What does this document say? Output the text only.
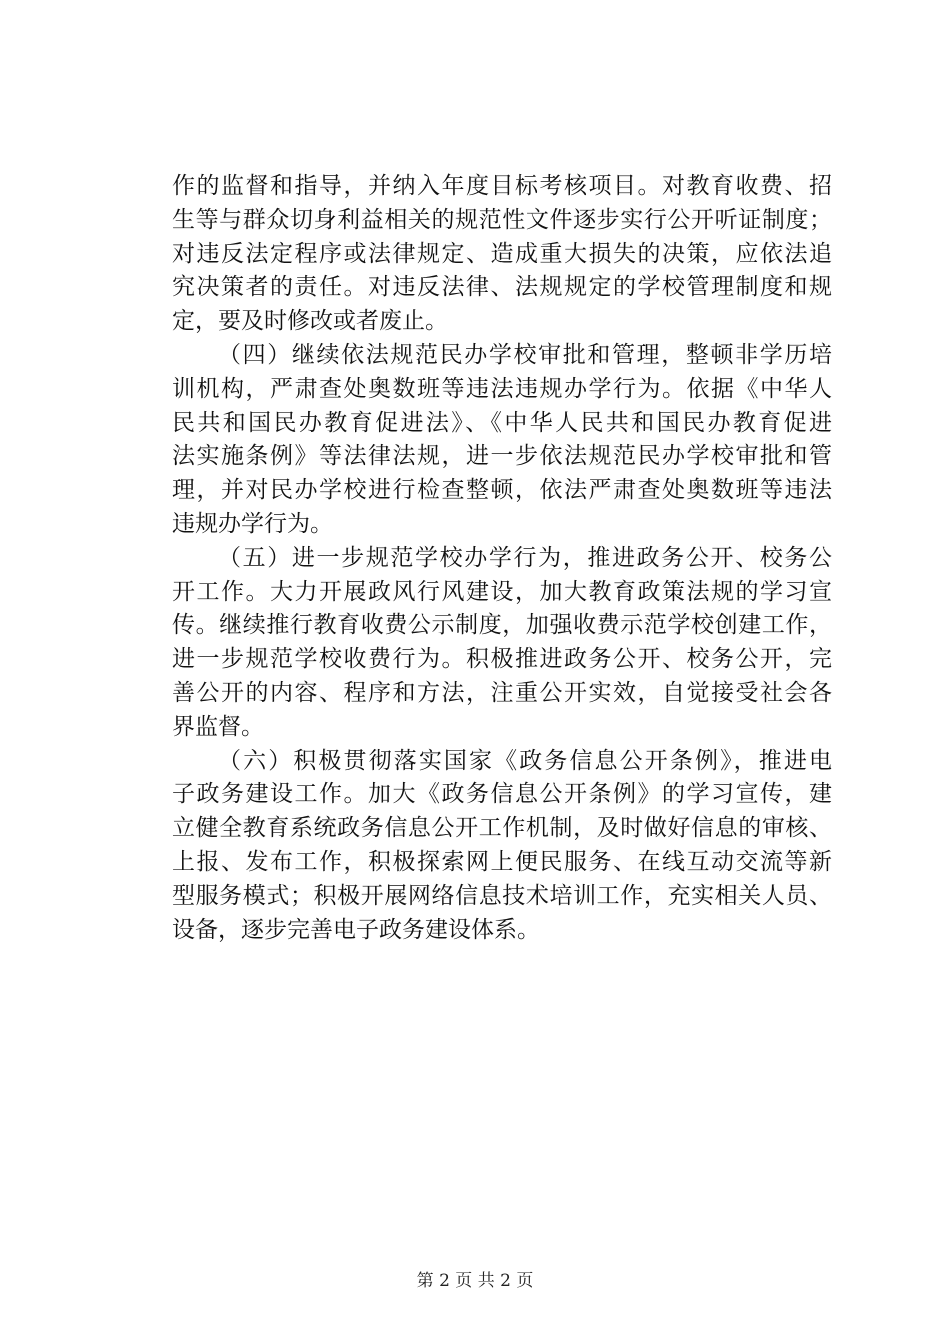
作的监督和指导，并纳入年度目标考核项目。对教育收费、招
生等与群众切身利益相关的规范性文件逐步实行公开听证制度；
对违反法定程序或法律规定、造成重大损失的决策，应依法追
究决策者的责任。对违反法律、法规规定的学校管理制度和规
定，要及时修改或者废止。
（四）继续依法规范民办学校审批和管理，整顿非学历培
训机构，严肃查处奥数班等违法违规办学行为。依据《中华人
民共和国民办教育促进法》、《中华人民共和国民办教育促进
法实施条例》等法律法规，进一步依法规范民办学校审批和管
理，并对民办学校进行检查整顿，依法严肃查处奥数班等违法
违规办学行为。
（五）进一步规范学校办学行为，推进政务公开、校务公
开工作。大力开展政风行风建设，加大教育政策法规的学习宣
传。继续推行教育收费公示制度，加强收费示范学校创建工作，
进一步规范学校收费行为。积极推进政务公开、校务公开，完
善公开的内容、程序和方法，注重公开实效，自觉接受社会各
界监督。
（六）积极贯彻落实国家《政务信息公开条例》，推进电
子政务建设工作。加大《政务信息公开条例》的学习宣传，建
立健全教育系统政务信息公开工作机制，及时做好信息的审核、
上报、发布工作，积极探索网上便民服务、在线互动交流等新
型服务模式；积极开展网络信息技术培训工作，充实相关人员、
设备，逐步完善电子政务建设体系。
第 2 页 共 2 页
